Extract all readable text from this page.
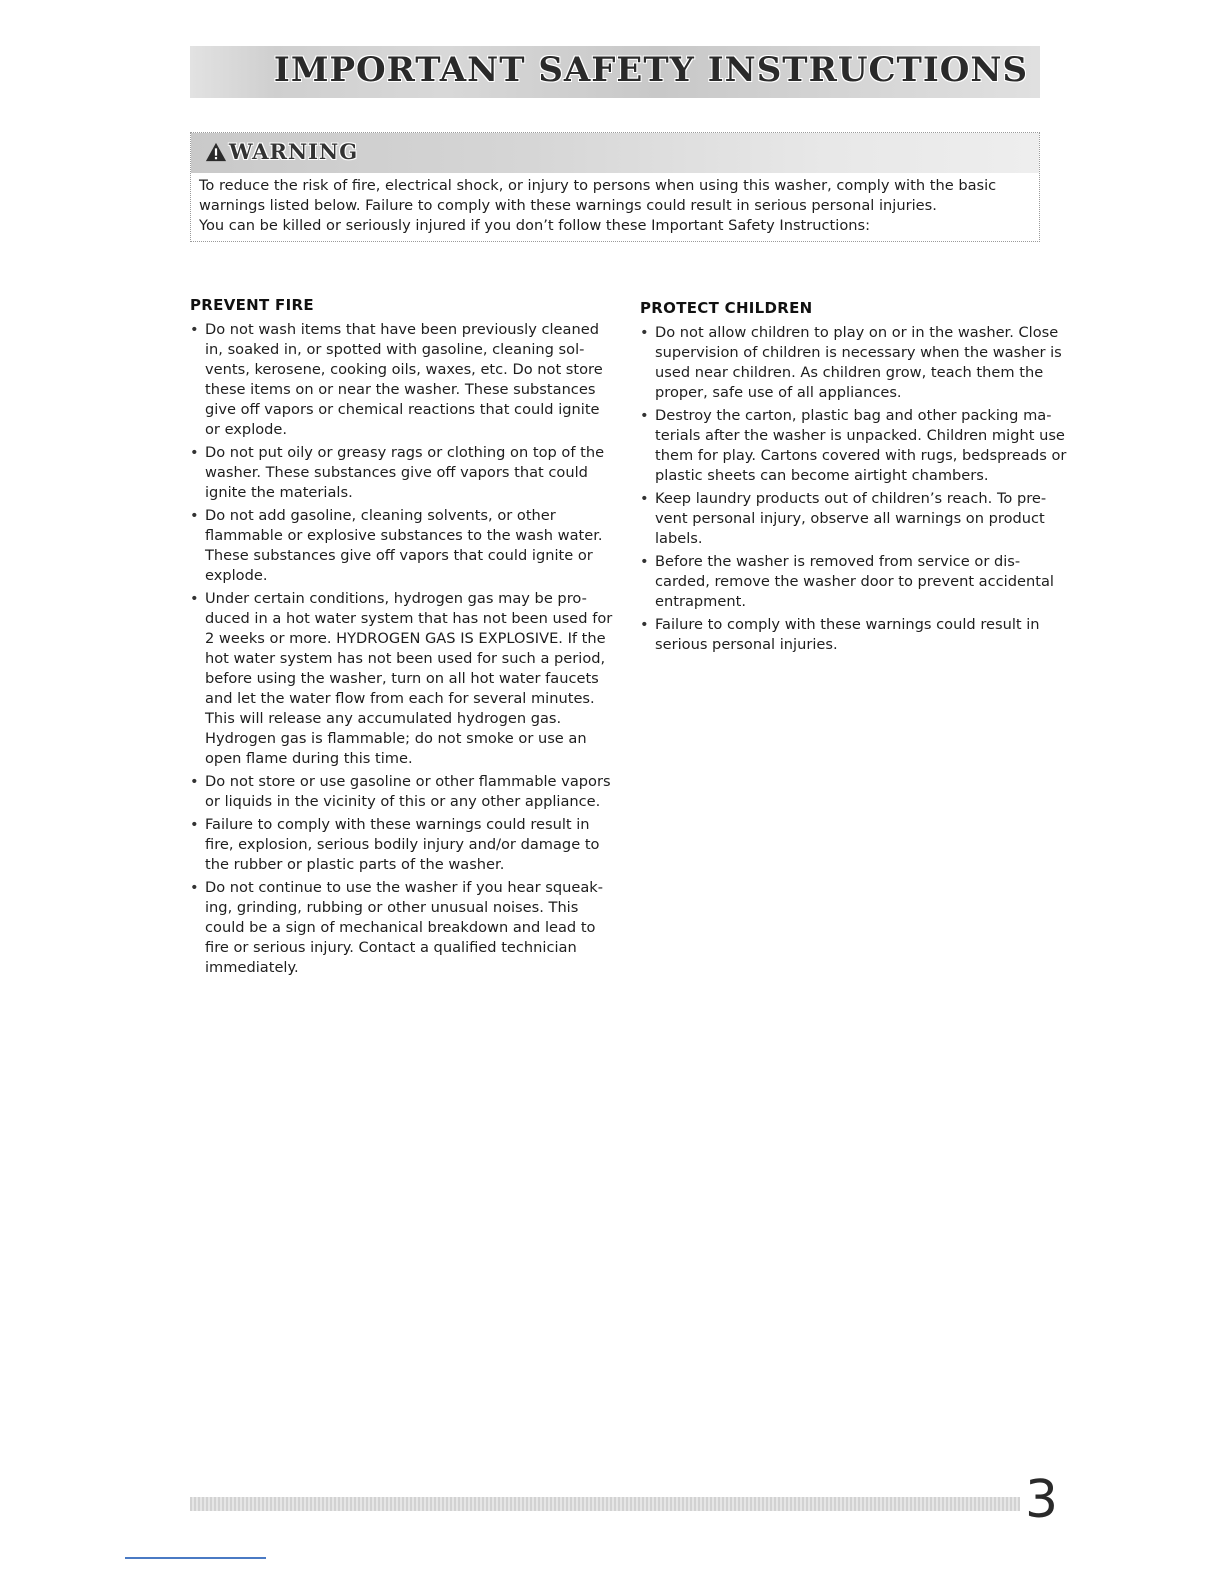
IMPORTANT SAFETY INSTRUCTIONS
WARNING

To reduce the risk of fire, electrical shock, or injury to persons when using this washer, comply with the basic warnings listed below. Failure to comply with these warnings could result in serious personal injuries.

You can be killed or seriously injured if you don’t follow these Important Safety Instructions:

PREVENT FIRE
• Do not wash items that have been previously cleaned in, soaked in, or spotted with gasoline, cleaning sol-vents, kerosene, cooking oils, waxes, etc. Do not store these items on or near the washer. These substances give off vapors or chemical reactions that could ignite or explode.
• Do not put oily or greasy rags or clothing on top of the washer. These substances give off vapors that could ignite the materials.
• Do not add gasoline, cleaning solvents, or other flammable or explosive substances to the wash water. These substances give off vapors that could ignite or explode.
• Under certain conditions, hydrogen gas may be pro-duced in a hot water system that has not been used for 2 weeks or more. HYDROGEN GAS IS EXPLOSIVE. If the hot water system has not been used for such a period, before using the washer, turn on all hot water faucets and let the water flow from each for several minutes. This will release any accumulated hydrogen gas. Hydrogen gas is flammable; do not smoke or use an open flame during this time.
• Do not store or use gasoline or other flammable vapors or liquids in the vicinity of this or any other appliance.
• Failure to comply with these warnings could result in fire, explosion, serious bodily injury and/or damage to the rubber or plastic parts of the washer.
• Do not continue to use the washer if you hear squeak-ing, grinding, rubbing or other unusual noises. This could be a sign of mechanical breakdown and lead to fire or serious injury. Contact a qualified technician immediately.
PROTECT CHILDREN
• Do not allow children to play on or in the washer. Close supervision of children is necessary when the washer is used near children. As children grow, teach them the proper, safe use of all appliances.
• Destroy the carton, plastic bag and other packing ma-terials after the washer is unpacked. Children might use them for play. Cartons covered with rugs, bedspreads or plastic sheets can become airtight chambers.
• Keep laundry products out of children’s reach. To pre-vent personal injury, observe all warnings on product labels.
• Before the washer is removed from service or dis-carded, remove the washer door to prevent accidental entrapment.
• Failure to comply with these warnings could result in serious personal injuries.
3
